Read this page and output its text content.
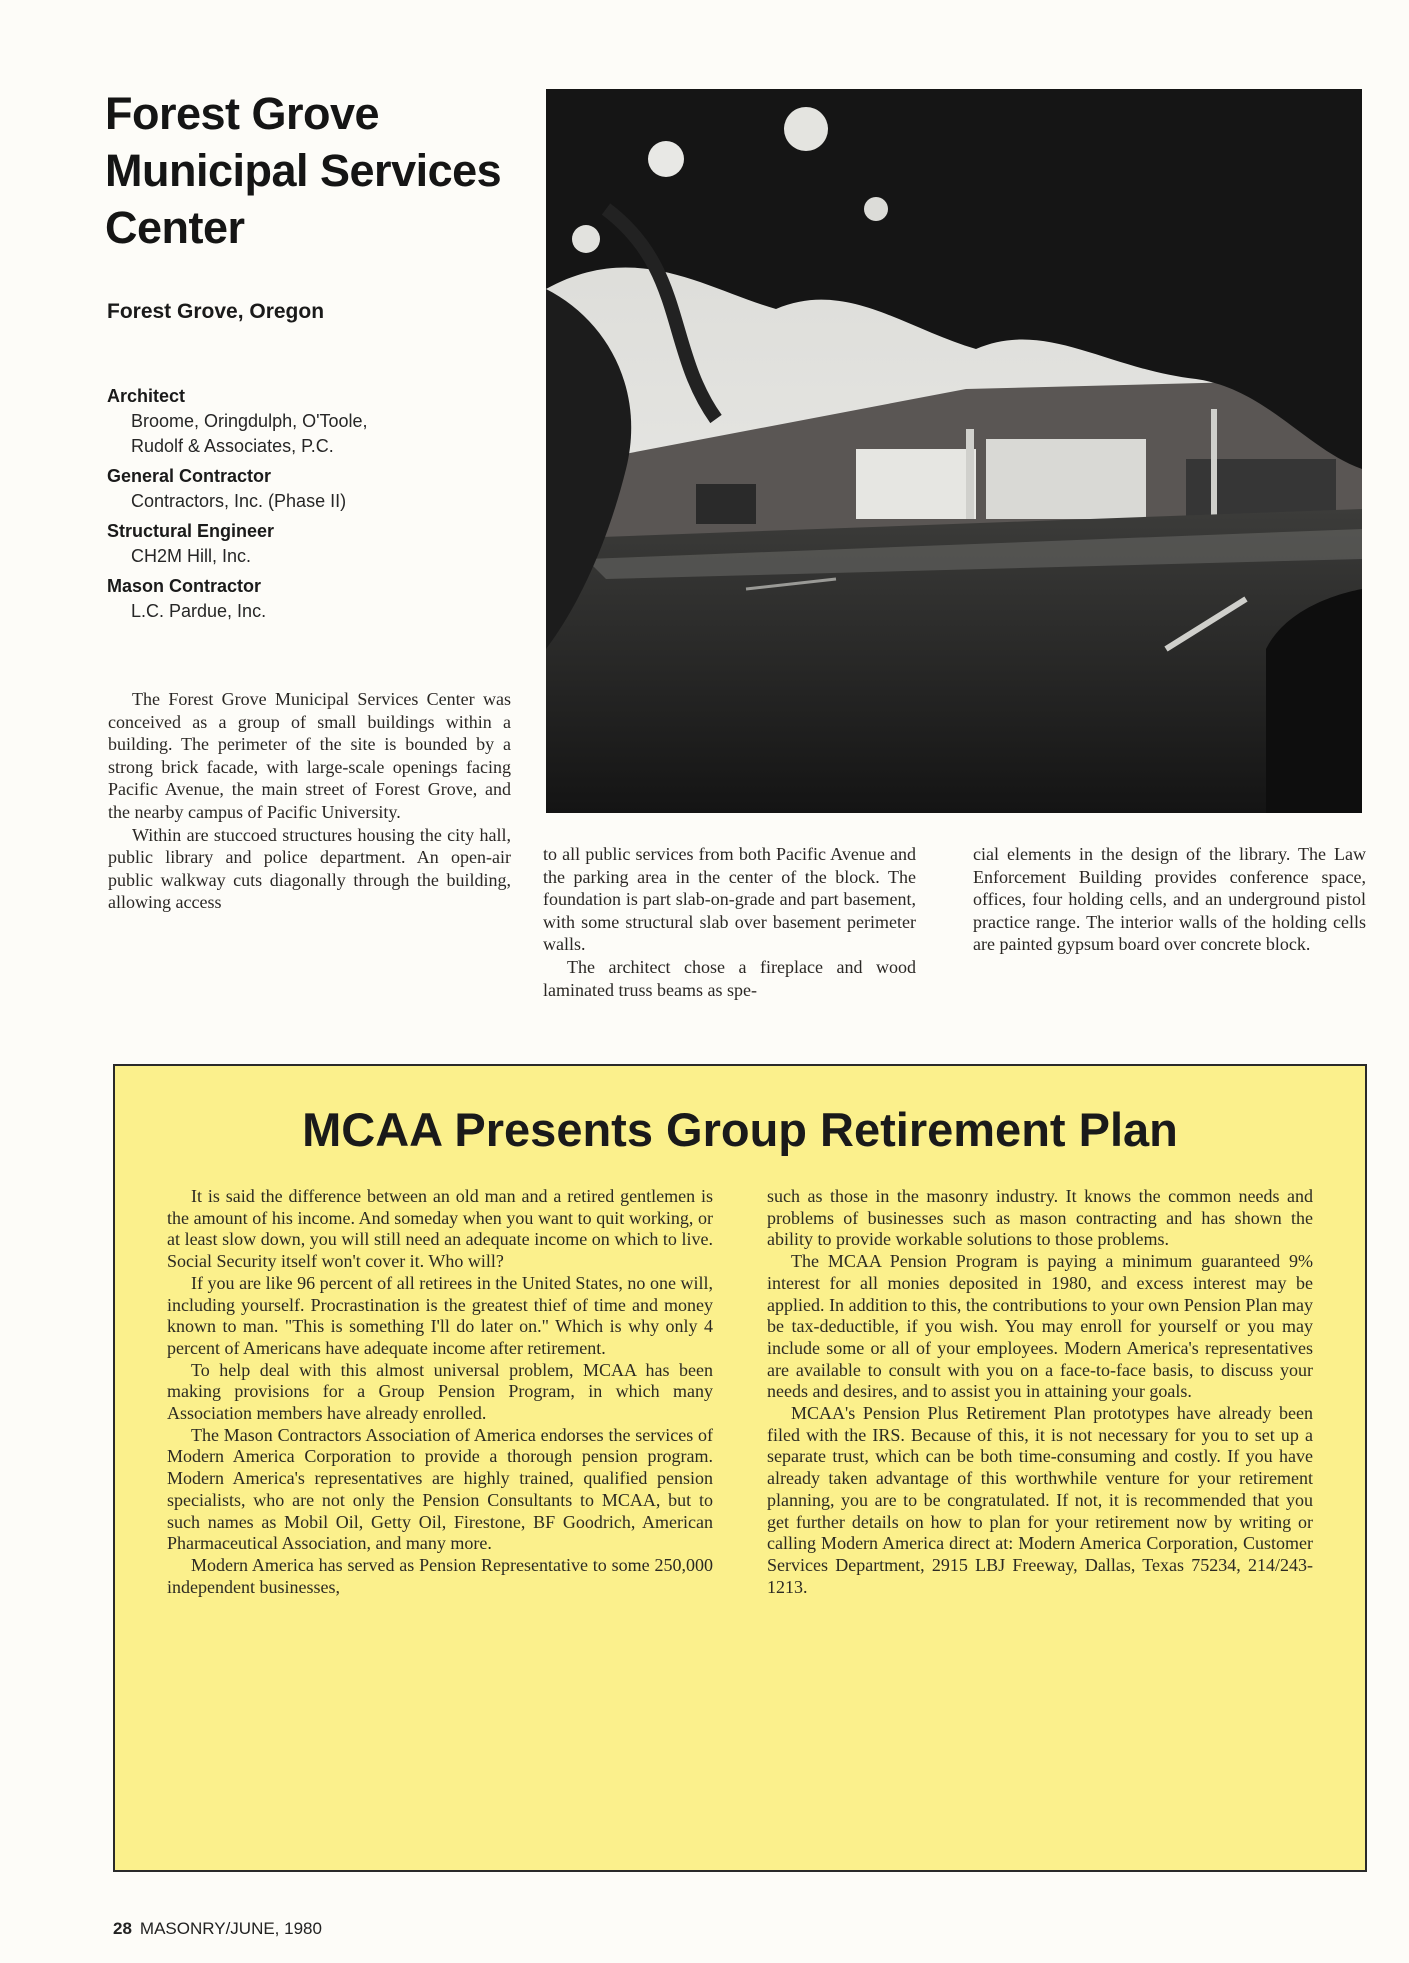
Forest Grove
Municipal Services
Center
Forest Grove, Oregon
Architect
Broome, Oringdulph, O'Toole,
Rudolf & Associates, P.C.
General Contractor
Contractors, Inc. (Phase II)
Structural Engineer
CH2M Hill, Inc.
Mason Contractor
L.C. Pardue, Inc.

The Forest Grove Municipal Services Center was conceived as a group of small buildings within a building. The perimeter of the site is bounded by a strong brick facade, with large-scale openings facing Pacific Avenue, the main street of Forest Grove, and the nearby campus of Pacific University.

Within are stuccoed structures housing the city hall, public library and police department. An open-air public walkway cuts diagonally through the building, allowing access

to all public services from both Pacific Avenue and the parking area in the center of the block. The foundation is part slab-on-grade and part basement, with some structural slab over basement perimeter walls.

The architect chose a fireplace and wood laminated truss beams as spe-

cial elements in the design of the library. The Law Enforcement Building provides conference space, offices, four holding cells, and an underground pistol practice range. The interior walls of the holding cells are painted gypsum board over concrete block.

MCAA Presents Group Retirement Plan

It is said the difference between an old man and a retired gentlemen is the amount of his income. And someday when you want to quit working, or at least slow down, you will still need an adequate income on which to live. Social Security itself won't cover it. Who will?

If you are like 96 percent of all retirees in the United States, no one will, including yourself. Procrastination is the greatest thief of time and money known to man. "This is something I'll do later on." Which is why only 4 percent of Americans have adequate income after retirement.

To help deal with this almost universal problem, MCAA has been making provisions for a Group Pension Program, in which many Association members have already enrolled.

The Mason Contractors Association of America endorses the services of Modern America Corporation to provide a thorough pension program. Modern America's representatives are highly trained, qualified pension specialists, who are not only the Pension Consultants to MCAA, but to such names as Mobil Oil, Getty Oil, Firestone, BF Goodrich, American Pharmaceutical Association, and many more.

Modern America has served as Pension Representative to some 250,000 independent businesses,

such as those in the masonry industry. It knows the common needs and problems of businesses such as mason contracting and has shown the ability to provide workable solutions to those problems.

The MCAA Pension Program is paying a minimum guaranteed 9% interest for all monies deposited in 1980, and excess interest may be applied. In addition to this, the contributions to your own Pension Plan may be tax-deductible, if you wish. You may enroll for yourself or you may include some or all of your employees. Modern America's representatives are available to consult with you on a face-to-face basis, to discuss your needs and desires, and to assist you in attaining your goals.

MCAA's Pension Plus Retirement Plan prototypes have already been filed with the IRS. Because of this, it is not necessary for you to set up a separate trust, which can be both time-consuming and costly. If you have already taken advantage of this worthwhile venture for your retirement planning, you are to be congratulated. If not, it is recommended that you get further details on how to plan for your retirement now by writing or calling Modern America direct at: Modern America Corporation, Customer Services Department, 2915 LBJ Freeway, Dallas, Texas 75234, 214/243-1213.

28 MASONRY/JUNE, 1980
